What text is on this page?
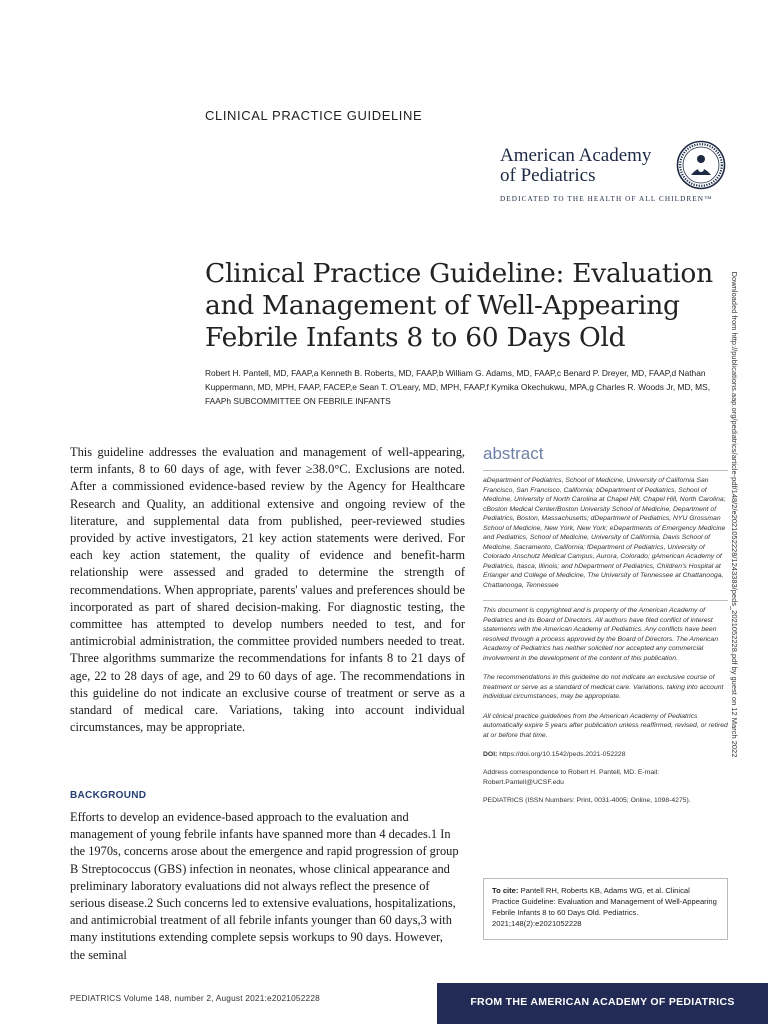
CLINICAL PRACTICE GUIDELINE
American Academy of Pediatrics
DEDICATED TO THE HEALTH OF ALL CHILDREN™
Clinical Practice Guideline: Evaluation and Management of Well-Appearing Febrile Infants 8 to 60 Days Old
Robert H. Pantell, MD, FAAP,a Kenneth B. Roberts, MD, FAAP,b William G. Adams, MD, FAAP,c Benard P. Dreyer, MD, FAAP,d Nathan Kuppermann, MD, MPH, FAAP, FACEP,e Sean T. O'Leary, MD, MPH, FAAP,f Kymika Okechukwu, MPA,g Charles R. Woods Jr, MD, MS, FAAPh SUBCOMMITTEE ON FEBRILE INFANTS	Downloaded from http://publications.aap.org/pediatrics/article-pdf/148/2/e2021052228/1243383/peds_2021052228.pdf by guest on 12 March 2022
This guideline addresses the evaluation and management of well-appearing, term infants, 8 to 60 days of age, with fever ≥38.0°C. Exclusions are noted. After a commissioned evidence-based review by the Agency for Healthcare Research and Quality, an additional extensive and ongoing review of the literature, and supplemental data from published, peer-reviewed studies provided by active investigators, 21 key action statements were derived. For each key action statement, the quality of evidence and benefit-harm relationship were assessed and graded to determine the strength of recommendations. When appropriate, parents' values and preferences should be incorporated as part of shared decision-making. For diagnostic testing, the committee has attempted to develop numbers needed to test, and for antimicrobial administration, the committee provided numbers needed to treat. Three algorithms summarize the recommendations for infants 8 to 21 days of age, 22 to 28 days of age, and 29 to 60 days of age. The recommendations in this guideline do not indicate an exclusive course of treatment or serve as a standard of medical care. Variations, taking into account individual circumstances, may be appropriate.
BACKGROUND
Efforts to develop an evidence-based approach to the evaluation and management of young febrile infants have spanned more than 4 decades.1 In the 1970s, concerns arose about the emergence and rapid progression of group B Streptococcus (GBS) infection in neonates, whose clinical appearance and preliminary laboratory evaluations did not always reflect the presence of serious disease.2 Such concerns led to extensive evaluations, hospitalizations, and antimicrobial treatment of all febrile infants younger than 60 days,3 with many institutions extending complete sepsis workups to 90 days. However, the seminal
abstract
aDepartment of Pediatrics, School of Medicine, University of California San Francisco, San Francisco, California; bDepartment of Pediatrics, School of Medicine, University of North Carolina at Chapel Hill, Chapel Hill, North Carolina; cBoston Medical Center/Boston University School of Medicine, Department of Pediatrics, Boston, Massachusetts; dDepartment of Pediatrics, NYU Grossman School of Medicine, New York, New York; eDepartments of Emergency Medicine and Pediatrics, School of Medicine, University of California, Davis School of Medicine, Sacramento, California; fDepartment of Pediatrics, University of Colorado Anschutz Medical Campus, Aurora, Colorado; gAmerican Academy of Pediatrics, Itasca, Illinois; and hDepartment of Pediatrics, Children's Hospital at Erlanger and College of Medicine, The University of Tennessee at Chattanooga, Chattanooga, Tennessee
This document is copyrighted and is property of the American Academy of Pediatrics and its Board of Directors. All authors have filed conflict of interest statements with the American Academy of Pediatrics. Any conflicts have been resolved through a process approved by the Board of Directors. The American Academy of Pediatrics has neither solicited nor accepted any commercial involvement in the development of the content of this publication.
The recommendations in this guideline do not indicate an exclusive course of treatment or serve as a standard of medical care. Variations, taking into account individual circumstances, may be appropriate.
All clinical practice guidelines from the American Academy of Pediatrics automatically expire 5 years after publication unless reaffirmed, revised, or retired at or before that time.
DOI: https://doi.org/10.1542/peds.2021-052228
Address correspondence to Robert H. Pantell, MD. E-mail: Robert.Pantell@UCSF.edu
PEDIATRICS (ISSN Numbers: Print, 0031-4005; Online, 1098-4275).
To cite: Pantell RH, Roberts KB, Adams WG, et al. Clinical Practice Guideline: Evaluation and Management of Well-Appearing Febrile Infants 8 to 60 Days Old. Pediatrics. 2021;148(2):e2021052228
PEDIATRICS Volume 148, number 2, August 2021:e2021052228	FROM THE AMERICAN ACADEMY OF PEDIATRICS
